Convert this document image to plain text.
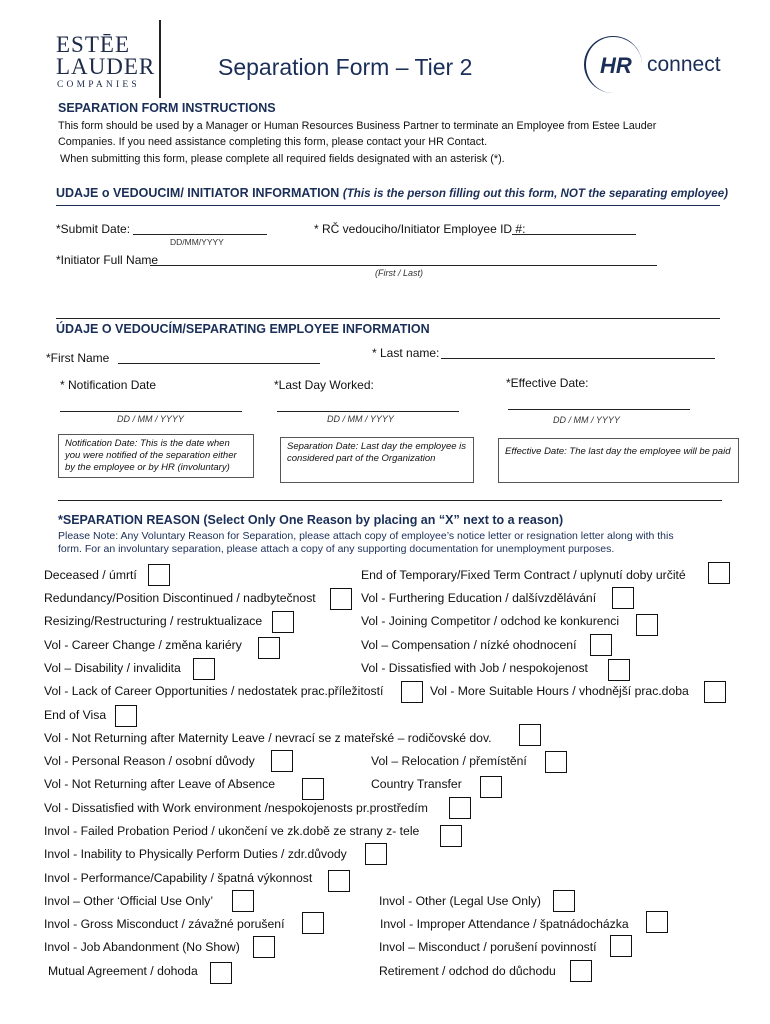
ESTĒE
LAUDER
COMPANIES
Separation Form – Tier 2	HR connect
SEPARATION FORM INSTRUCTIONS
This form should be used by a Manager or Human Resources Business Partner to terminate an Employee from Estee Lauder
Companies. If you need assistance completing this form, please contact your HR Contact.
When submitting this form, please complete all required fields designated with an asterisk (*).
UDAJE o VEDOUCIM/ INITIATOR INFORMATION (This is the person filling out this form, NOT the separating employee)
*Submit Date:
DD/MM/YYYY
* RČ vedouciho/Initiator Employee ID #:
*Initiator Full Name
(First / Last)
ÚDAJE O VEDOUCÍM/SEPARATING EMPLOYEE INFORMATION
*First Name	* Last name:
* Notification Date	*Last Day Worked:	*Effective Date:
DD / MM / YYYY	DD / MM / YYYY	DD / MM / YYYY
Notification Date: This is the date when you were notified of the separation either by the employee or by HR (involuntary)
Separation Date: Last day the employee is considered part of the Organization
Effective Date: The last day the employee will be paid
*SEPARATION REASON (Select Only One Reason by placing an “X” next to a reason)
Please Note: Any Voluntary Reason for Separation, please attach copy of employee’s notice letter or resignation letter along with this
form. For an involuntary separation, please attach a copy of any supporting documentation for unemployment purposes.
Deceased / úmrtí	End of Temporary/Fixed Term Contract / uplynutí doby určité
Redundancy/Position Discontinued / nadbytečnost	Vol - Furthering Education / dalšívzdělávání
Resizing/Restructuring / restruktualizace	Vol - Joining Competitor / odchod ke konkurenci
Vol - Career Change / změna kariéry	Vol – Compensation / nízké ohodnocení
Vol – Disability / invalidita	Vol - Dissatisfied with Job / nespokojenost
Vol - Lack of Career Opportunities / nedostatek prac.příležitostí	Vol - More Suitable Hours / vhodnější prac.doba
End of Visa
Vol - Not Returning after Maternity Leave / nevrací se z mateřské – rodičovské dov.
Vol - Personal Reason / osobní důvody	Vol – Relocation / přemístění
Vol - Not Returning after Leave of Absence	Country Transfer
Vol - Dissatisfied with Work environment /nespokojenosts pr.prostředím
Invol - Failed Probation Period / ukončení ve zk.době ze strany z- tele
Invol - Inability to Physically Perform Duties / zdr.důvody
Invol - Performance/Capability / špatná výkonnost
Invol – Other ‘Official Use Only’	Invol - Other (Legal Use Only)
Invol - Gross Misconduct / závažné porušení	Invol - Improper Attendance / špatnádocházka
Invol - Job Abandonment (No Show)	Invol – Misconduct / porušení povinností
Mutual Agreement / dohoda	Retirement / odchod do důchodu
